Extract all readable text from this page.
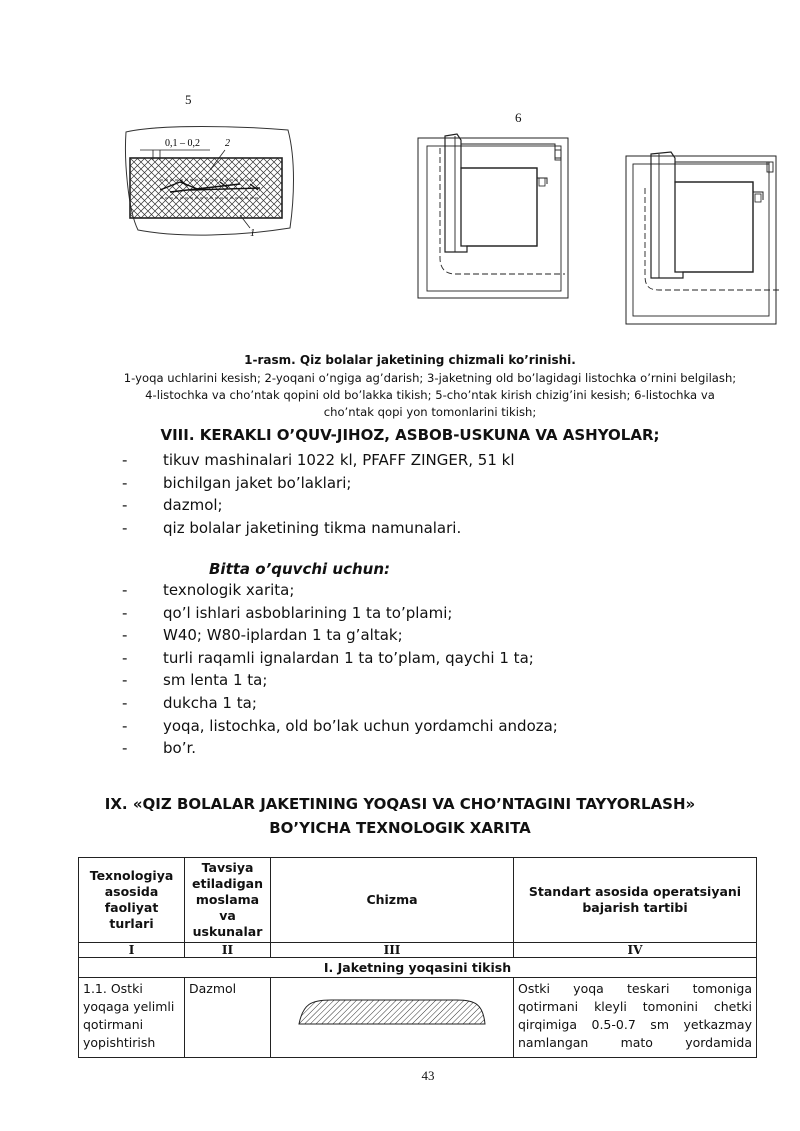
5
6
0,1 – 0,2	2
1
1-rasm. Qiz bolalar jaketining chizmali ko’rinishi.
1-yoqa uchlarini kesish; 2-yoqani o’ngiga ag’darish; 3-jaketning old bo’lagidagi listochka o’rnini belgilash; 4-listochka va cho’ntak qopini old bo’lakka tikish; 5-cho’ntak kirish chizig’ini kesish; 6-listochka va cho’ntak qopi yon tomonlarini tikish;
VIII. KERAKLI O’QUV-JIHOZ, ASBOB-USKUNA VA ASHYOLAR;
- tikuv mashinalari 1022 kl, PFAFF ZINGER, 51 kl
- bichilgan jaket bo’laklari;
- dazmol;
- qiz bolalar jaketining tikma namunalari.
Bitta o’quvchi uchun:
- texnologik xarita;
- qo’l ishlari asboblarining 1 ta to’plami;
- W40; W80-iplardan 1 ta g’altak;
- turli raqamli ignalardan 1 ta to’plam, qaychi 1 ta;
- sm lenta 1 ta;
- dukcha 1 ta;
- yoqa, listochka, old bo’lak uchun yordamchi andoza;
- bo’r.
IX. «QIZ BOLALAR JAKETINING YOQASI VA CHO’NTAGINI TAYYORLASH»
BO’YICHA TEXNOLOGIK XARITA
Texnologiya asosida faoliyat turlari	Tavsiya etiladigan moslama va uskunalar	Chizma	Standart asosida operatsiyani bajarish tartibi
I	II	III	IV
I. Jaketning yoqasini tikish			
1.1. Ostki yoqaga yelimli qotirmani yopishtirish	Dazmol		Ostki yoqa teskari tomoniga qotirmani kleyli tomonini chetki qirqimiga 0.5-0.7 sm yetkazmay namlangan mato yordamida
43
